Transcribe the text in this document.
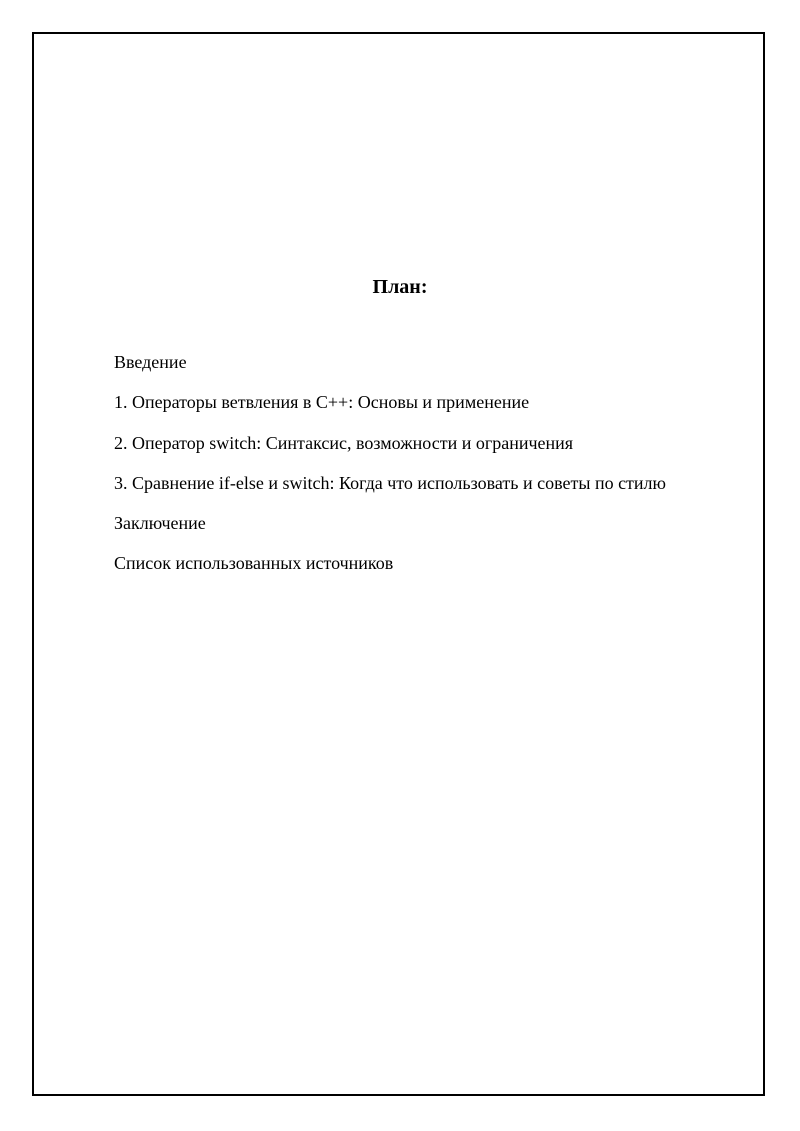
План:
Введение
1. Операторы ветвления в С++: Основы и применение
2. Оператор switch: Синтаксис, возможности и ограничения
3. Сравнение if-else и switch: Когда что использовать и советы по стилю
Заключение
Список использованных источников
